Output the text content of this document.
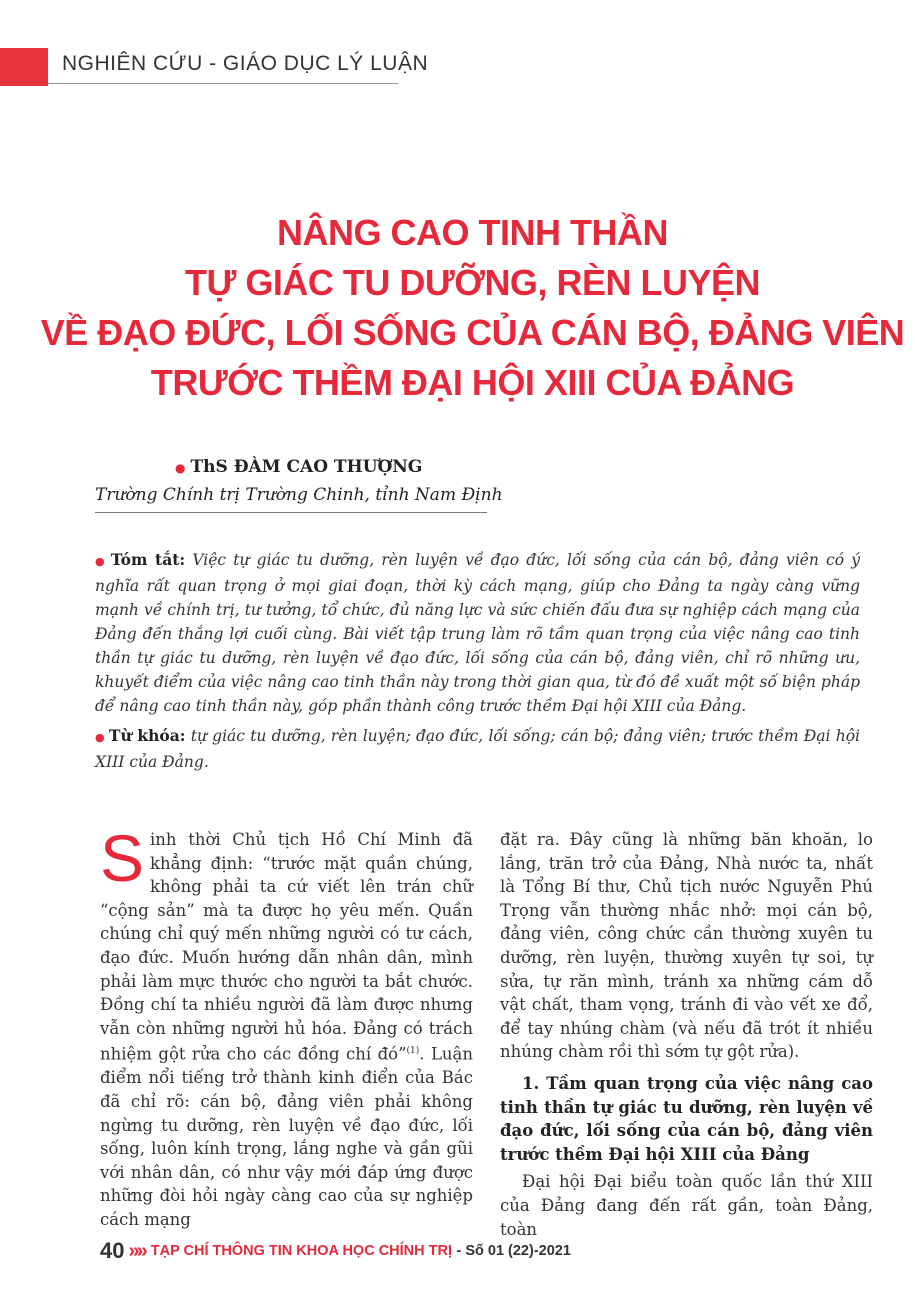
NGHIÊN CỨU - GIÁO DỤC LÝ LUẬN
NÂNG CAO TINH THẦN
TỰ GIÁC TU DƯỠNG, RÈN LUYỆN
VỀ ĐẠO ĐỨC, LỐI SỐNG CỦA CÁN BỘ, ĐẢNG VIÊN
TRƯỚC THỀM ĐẠI HỘI XIII CỦA ĐẢNG
● ThS ĐÀM CAO THƯỢNG
Trường Chính trị Trường Chinh, tỉnh Nam Định

● Tóm tắt: Việc tự giác tu dưỡng, rèn luyện về đạo đức, lối sống của cán bộ, đảng viên có ý nghĩa rất quan trọng ở mọi giai đoạn, thời kỳ cách mạng, giúp cho Đảng ta ngày càng vững mạnh về chính trị, tư tưởng, tổ chức, đủ năng lực và sức chiến đấu đưa sự nghiệp cách mạng của Đảng đến thắng lợi cuối cùng. Bài viết tập trung làm rõ tầm quan trọng của việc nâng cao tinh thần tự giác tu dưỡng, rèn luyện về đạo đức, lối sống của cán bộ, đảng viên, chỉ rõ những ưu, khuyết điểm của việc nâng cao tinh thần này trong thời gian qua, từ đó đề xuất một số biện pháp để nâng cao tinh thần này, góp phần thành công trước thềm Đại hội XIII của Đảng.

● Từ khóa: tự giác tu dưỡng, rèn luyện; đạo đức, lối sống; cán bộ; đảng viên; trước thềm Đại hội XIII của Đảng.

Sinh thời Chủ tịch Hồ Chí Minh đã khẳng định: “trước mặt quần chúng, không phải ta cứ viết lên trán chữ “cộng sản” mà ta được họ yêu mến. Quần chúng chỉ quý mến những người có tư cách, đạo đức. Muốn hướng dẫn nhân dân, mình phải làm mực thước cho người ta bắt chước. Đồng chí ta nhiều người đã làm được nhưng vẫn còn những người hủ hóa. Đảng có trách nhiệm gột rửa cho các đồng chí đó”$^{(1)}$. Luận điểm nổi tiếng trở thành kinh điển của Bác đã chỉ rõ: cán bộ, đảng viên phải không ngừng tu dưỡng, rèn luyện về đạo đức, lối sống, luôn kính trọng, lắng nghe và gần gũi với nhân dân, có như vậy mới đáp ứng được những đòi hỏi ngày càng cao của sự nghiệp cách mạng

đặt ra. Đây cũng là những băn khoăn, lo lắng, trăn trở của Đảng, Nhà nước ta, nhất là Tổng Bí thư, Chủ tịch nước Nguyễn Phú Trọng vẫn thường nhắc nhở: mọi cán bộ, đảng viên, công chức cần thường xuyên tu dưỡng, rèn luyện, thường xuyên tự soi, tự sửa, tự răn mình, tránh xa những cám dỗ vật chất, tham vọng, tránh đi vào vết xe đổ, để tay nhúng chàm (và nếu đã trót ít nhiều nhúng chàm rồi thì sớm tự gột rửa).

1. Tầm quan trọng của việc nâng cao tinh thần tự giác tu dưỡng, rèn luyện về đạo đức, lối sống của cán bộ, đảng viên trước thềm Đại hội XIII của Đảng

Đại hội Đại biểu toàn quốc lần thứ XIII của Đảng đang đến rất gần, toàn Đảng, toàn

40 »» TẠP CHÍ THÔNG TIN KHOA HỌC CHÍNH TRỊ - Số 01 (22)-2021
